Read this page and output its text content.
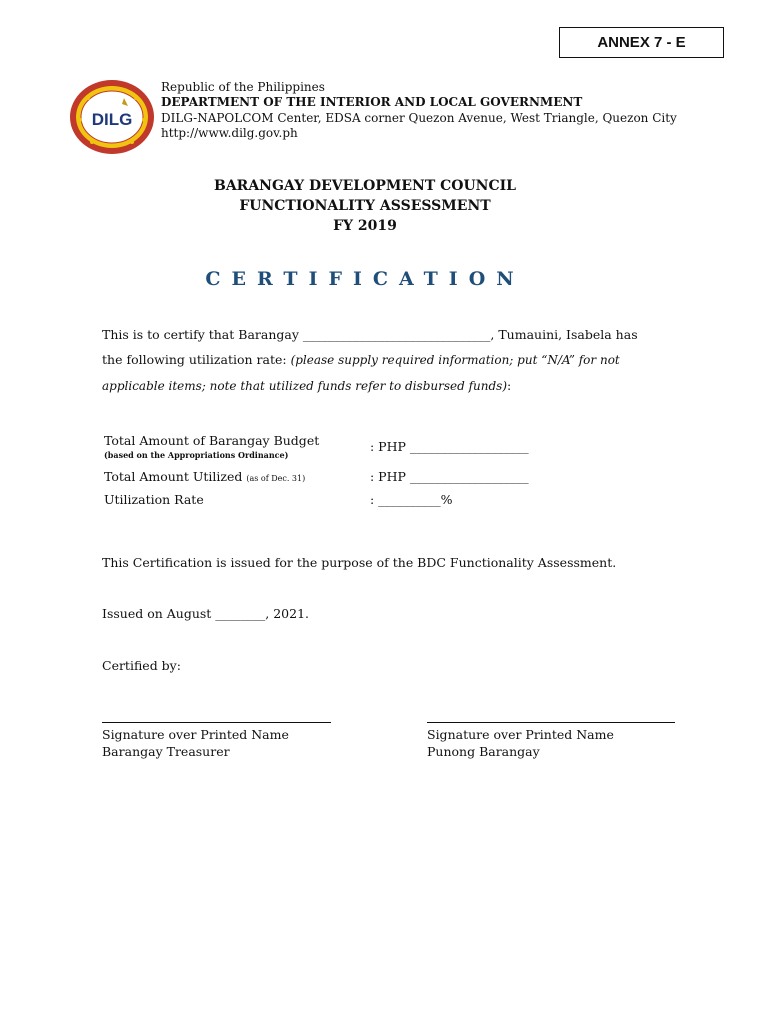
ANNEX 7 - E
DILG
Republic of the Philippines
DEPARTMENT OF THE INTERIOR AND LOCAL GOVERNMENT
DILG-NAPOLCOM Center, EDSA corner Quezon Avenue, West Triangle, Quezon City
http://www.dilg.gov.ph
BARANGAY DEVELOPMENT COUNCIL
FUNCTIONALITY ASSESSMENT
FY 2019
CERTIFICATION
This is to certify that Barangay ______________________________, Tumauini, Isabela has
the following utilization rate: (please supply required information; put “N/A” for not
applicable items; note that utilized funds refer to disbursed funds):
Total Amount of Barangay Budget
(based on the Appropriations Ordinance)
: PHP ___________________
Total Amount Utilized (as of Dec. 31)	: PHP ___________________
Utilization Rate	: __________%
This Certification is issued for the purpose of the BDC Functionality Assessment.
Issued on August ________, 2021.
Certified by:
Signature over Printed Name
Barangay Treasurer
Signature over Printed Name
Punong Barangay
